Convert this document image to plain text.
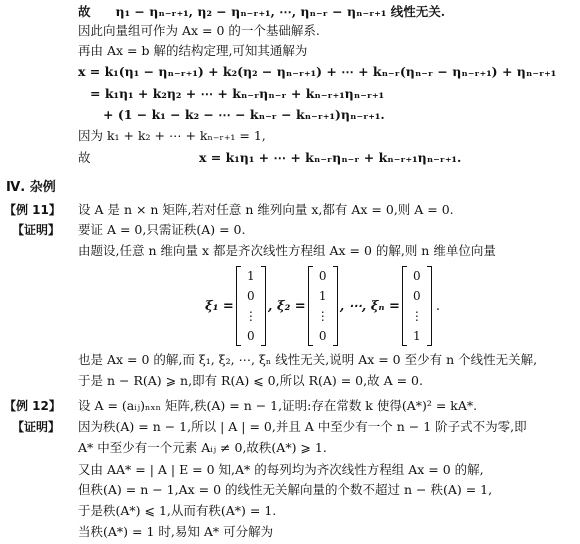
故　　η₁ − ηₙ₋ᵣ₊₁, η₂ − ηₙ₋ᵣ₊₁, ⋯, ηₙ₋ᵣ − ηₙ₋ᵣ₊₁ 线性无关.
因此向量组可作为 Ax = 0 的一个基础解系.
再由 Ax = b 解的结构定理,可知其通解为
x = k₁(η₁ − ηₙ₋ᵣ₊₁) + k₂(η₂ − ηₙ₋ᵣ₊₁) + ⋯ + kₙ₋ᵣ(ηₙ₋ᵣ − ηₙ₋ᵣ₊₁) + ηₙ₋ᵣ₊₁
= k₁η₁ + k₂η₂ + ⋯ + kₙ₋ᵣηₙ₋ᵣ + kₙ₋ᵣ₊₁ηₙ₋ᵣ₊₁
+ (1 − k₁ − k₂ − ⋯ − kₙ₋ᵣ − kₙ₋ᵣ₊₁)ηₙ₋ᵣ₊₁.
因为 k₁ + k₂ + ⋯ + kₙ₋ᵣ₊₁ = 1,
故	x = k₁η₁ + ⋯ + kₙ₋ᵣηₙ₋ᵣ + kₙ₋ᵣ₊₁ηₙ₋ᵣ₊₁.
Ⅳ. 杂例
【例 11】 设 A 是 n × n 矩阵,若对任意 n 维列向量 x,都有 Ax = 0,则 A = 0.
【证明】 要证 A = 0,只需证秩(A) = 0.
由题设,任意 n 维向量 x 都是齐次线性方程组 Ax = 0 的解,则 n 维单位向量
ξ₁ =
1
0
⋮
0
, ξ₂ =
0
1
⋮
0
, ⋯, ξₙ =
0
0
⋮
1
.
也是 Ax = 0 的解,而 ξ₁, ξ₂, ⋯, ξₙ 线性无关,说明 Ax = 0 至少有 n 个线性无关解,
于是 n − R(A) ⩾ n,即有 R(A) ⩽ 0,所以 R(A) = 0,故 A = 0.
【例 12】 设 A = (aᵢⱼ)ₙₓₙ 矩阵,秩(A) = n − 1,证明:存在常数 k 使得(A*)² = kA*.
【证明】 因为秩(A) = n − 1,所以 | A | = 0,并且 A 中至少有一个 n − 1 阶子式不为零,即
A* 中至少有一个元素 Aᵢⱼ ≠ 0,故秩(A*) ⩾ 1.
又由 AA* = | A | E = 0 知,A* 的每列均为齐次线性方程组 Ax = 0 的解,
但秩(A) = n − 1,Ax = 0 的线性无关解向量的个数不超过 n − 秩(A) = 1,
于是秩(A*) ⩽ 1,从而有秩(A*) = 1.
当秩(A*) = 1 时,易知 A* 可分解为
